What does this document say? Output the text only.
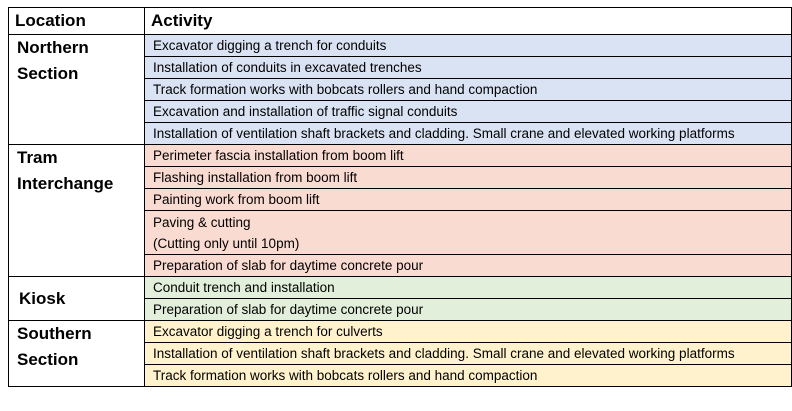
Location	Activity

Northern
Section	Excavator digging a trench for conduits
	Installation of conduits in excavated trenches
	Track formation works with bobcats rollers and hand compaction
	Excavation and installation of traffic signal conduits
	Installation of ventilation shaft brackets and cladding. Small crane and elevated working platforms

Tram
Interchange	Perimeter fascia installation from boom lift
	Flashing installation from boom lift
	Painting work from boom lift

	Paving & cutting
(Cutting only until 10pm)

	Preparation of slab for daytime concrete pour

Kiosk	Conduit trench and installation
	Preparation of slab for daytime concrete pour

Southern
Section	Excavator digging a trench for culverts
	Installation of ventilation shaft brackets and cladding. Small crane and elevated working platforms
	Track formation works with bobcats rollers and hand compaction
